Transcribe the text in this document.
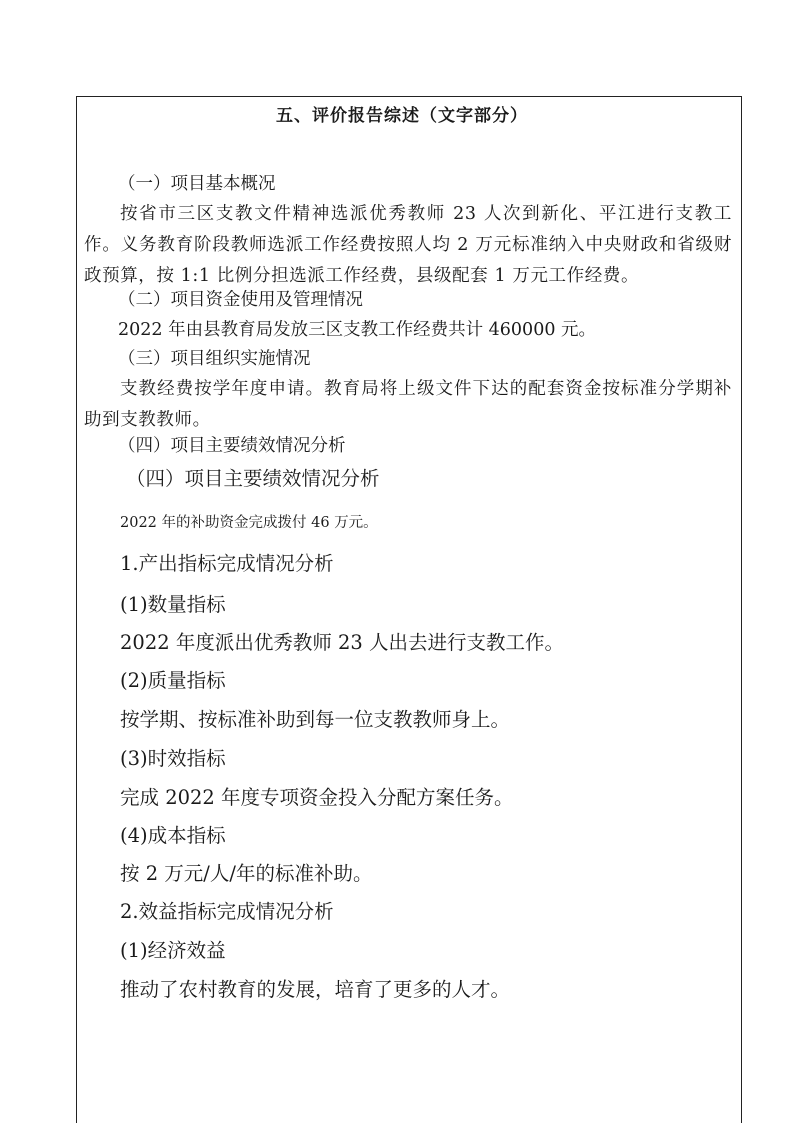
五、评价报告综述（文字部分）
（一）项目基本概况
按省市三区支教文件精神选派优秀教师 23 人次到新化、平江进行支教工作。义务教育阶段教师选派工作经费按照人均 2 万元标准纳入中央财政和省级财政预算，按 1:1 比例分担选派工作经费，县级配套 1 万元工作经费。
（二）项目资金使用及管理情况
2022 年由县教育局发放三区支教工作经费共计 460000 元。
（三）项目组织实施情况
支教经费按学年度申请。教育局将上级文件下达的配套资金按标准分学期补助到支教教师。
（四）项目主要绩效情况分析
（四）项目主要绩效情况分析
2022 年的补助资金完成拨付 46 万元。
1.产出指标完成情况分析
(1)数量指标
2022 年度派出优秀教师 23 人出去进行支教工作。
(2)质量指标
按学期、按标准补助到每一位支教教师身上。
(3)时效指标
完成 2022 年度专项资金投入分配方案任务。
(4)成本指标
按 2 万元/人/年的标准补助。
2.效益指标完成情况分析
(1)经济效益
推动了农村教育的发展，培育了更多的人才。
